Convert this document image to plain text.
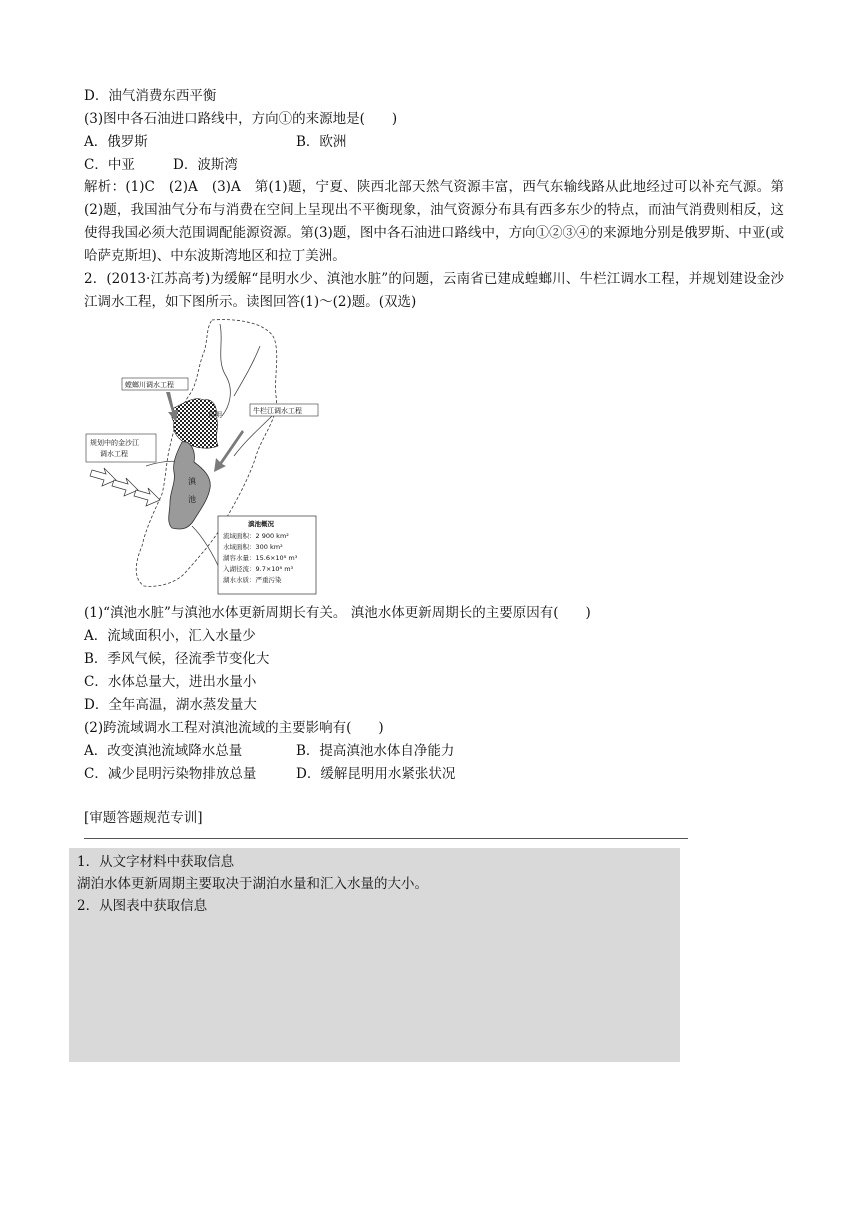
D．油气消费东西平衡
(3)图中各石油进口路线中，方向①的来源地是(　　)
A．俄罗斯	B．欧洲
C．中亚	D．波斯湾
解析：(1)C　(2)A　(3)A　第(1)题，宁夏、陕西北部天然气资源丰富，西气东输线路从此地经过可以补充气源。第(2)题，我国油气分布与消费在空间上呈现出不平衡现象，油气资源分布具有西多东少的特点，而油气消费则相反，这使得我国必须大范围调配能源资源。第(3)题，图中各石油进口路线中，方向①②③④的来源地分别是俄罗斯、中亚(或哈萨克斯坦)、中东波斯湾地区和拉丁美洲。
2．(2013·江苏高考)为缓解“昆明水少、滇池水脏”的问题，云南省已建成蝗螂川、牛栏江调水工程，并规划建设金沙江调水工程，如下图所示。读图回答(1)～(2)题。(双选)
滇
池
螳螂川调水工程
昆明	牛栏江调水工程
规划中的金沙江
调水工程
滇池概况
流域面积：2 900 km²
水域面积：300 km²
湖容水量：15.6×10⁸ m³
入湖径流：9.7×10⁸ m³
湖水水质：严重污染
(1)“滇池水脏”与滇池水体更新周期长有关。 滇池水体更新周期长的主要原因有(　　)
A．流域面积小，汇入水量少
B．季风气候，径流季节变化大
C．水体总量大，进出水量小
D．全年高温，湖水蒸发量大
(2)跨流域调水工程对滇池流域的主要影响有(　　)
A．改变滇池流域降水总量	B．提高滇池水体自净能力
C．减少昆明污染物排放总量	D．缓解昆明用水紧张状况
[审题答题规范专训]
1．从文字材料中获取信息
湖泊水体更新周期主要取决于湖泊水量和汇入水量的大小。
2．从图表中获取信息
